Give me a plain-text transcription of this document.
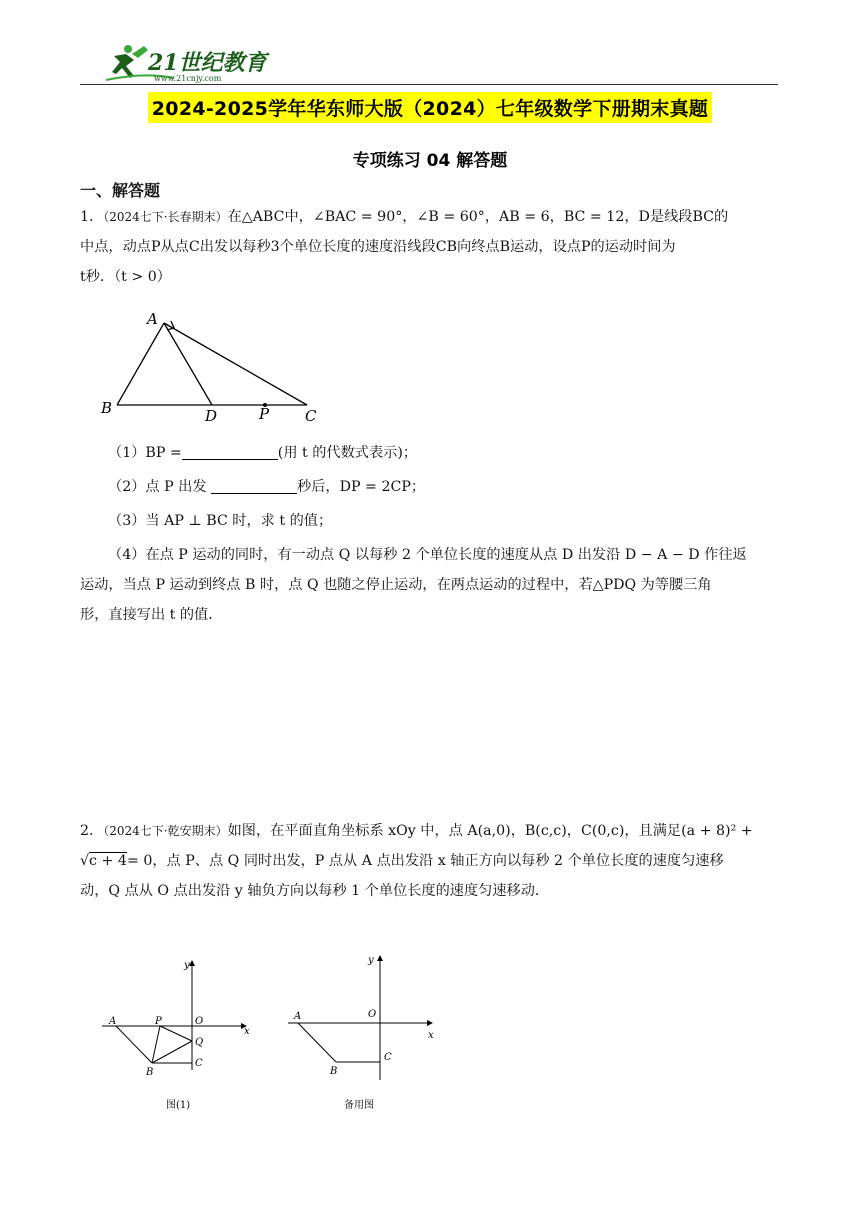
21世纪教育
www.21cnjy.com
2024-2025学年华东师大版（2024）七年级数学下册期末真题
专项练习 04 解答题
一、解答题
1．（2024七下·长春期末）在△ABC中，∠BAC = 90°，∠B = 60°，AB = 6，BC = 12，D是线段BC的
中点，动点P从点C出发以每秒3个单位长度的速度沿线段CB向终点B运动，设点P的运动时间为
t秒．（t > 0）
A
B	D	P C
（1）BP =	(用 t 的代数式表示)；
（2）点 P 出发	秒后，DP = 2CP；
（3）当 AP ⊥ BC 时，求 t 的值；
（4）在点 P 运动的同时，有一动点 Q 以每秒 2 个单位长度的速度从点 D 出发沿 D − A − D 作往返
运动，当点 P 运动到终点 B 时，点 Q 也随之停止运动，在两点运动的过程中，若△PDQ 为等腰三角
形，直接写出 t 的值．
2．（2024七下·乾安期末）如图，在平面直角坐标系 xOy 中，点 A(a,0)，B(c,c)，C(0,c)，且满足(a + 8)² +
√c + 4= 0，点 P、点 Q 同时出发，P 点从 A 点出发沿 x 轴正方向以每秒 2 个单位长度的速度匀速移
动，Q 点从 O 点出发沿 y 轴负方向以每秒 1 个单位长度的速度匀速移动．
y
x
A	P	O
Q
B
C
图(1)
y
x
A	O
B
C
备用图
